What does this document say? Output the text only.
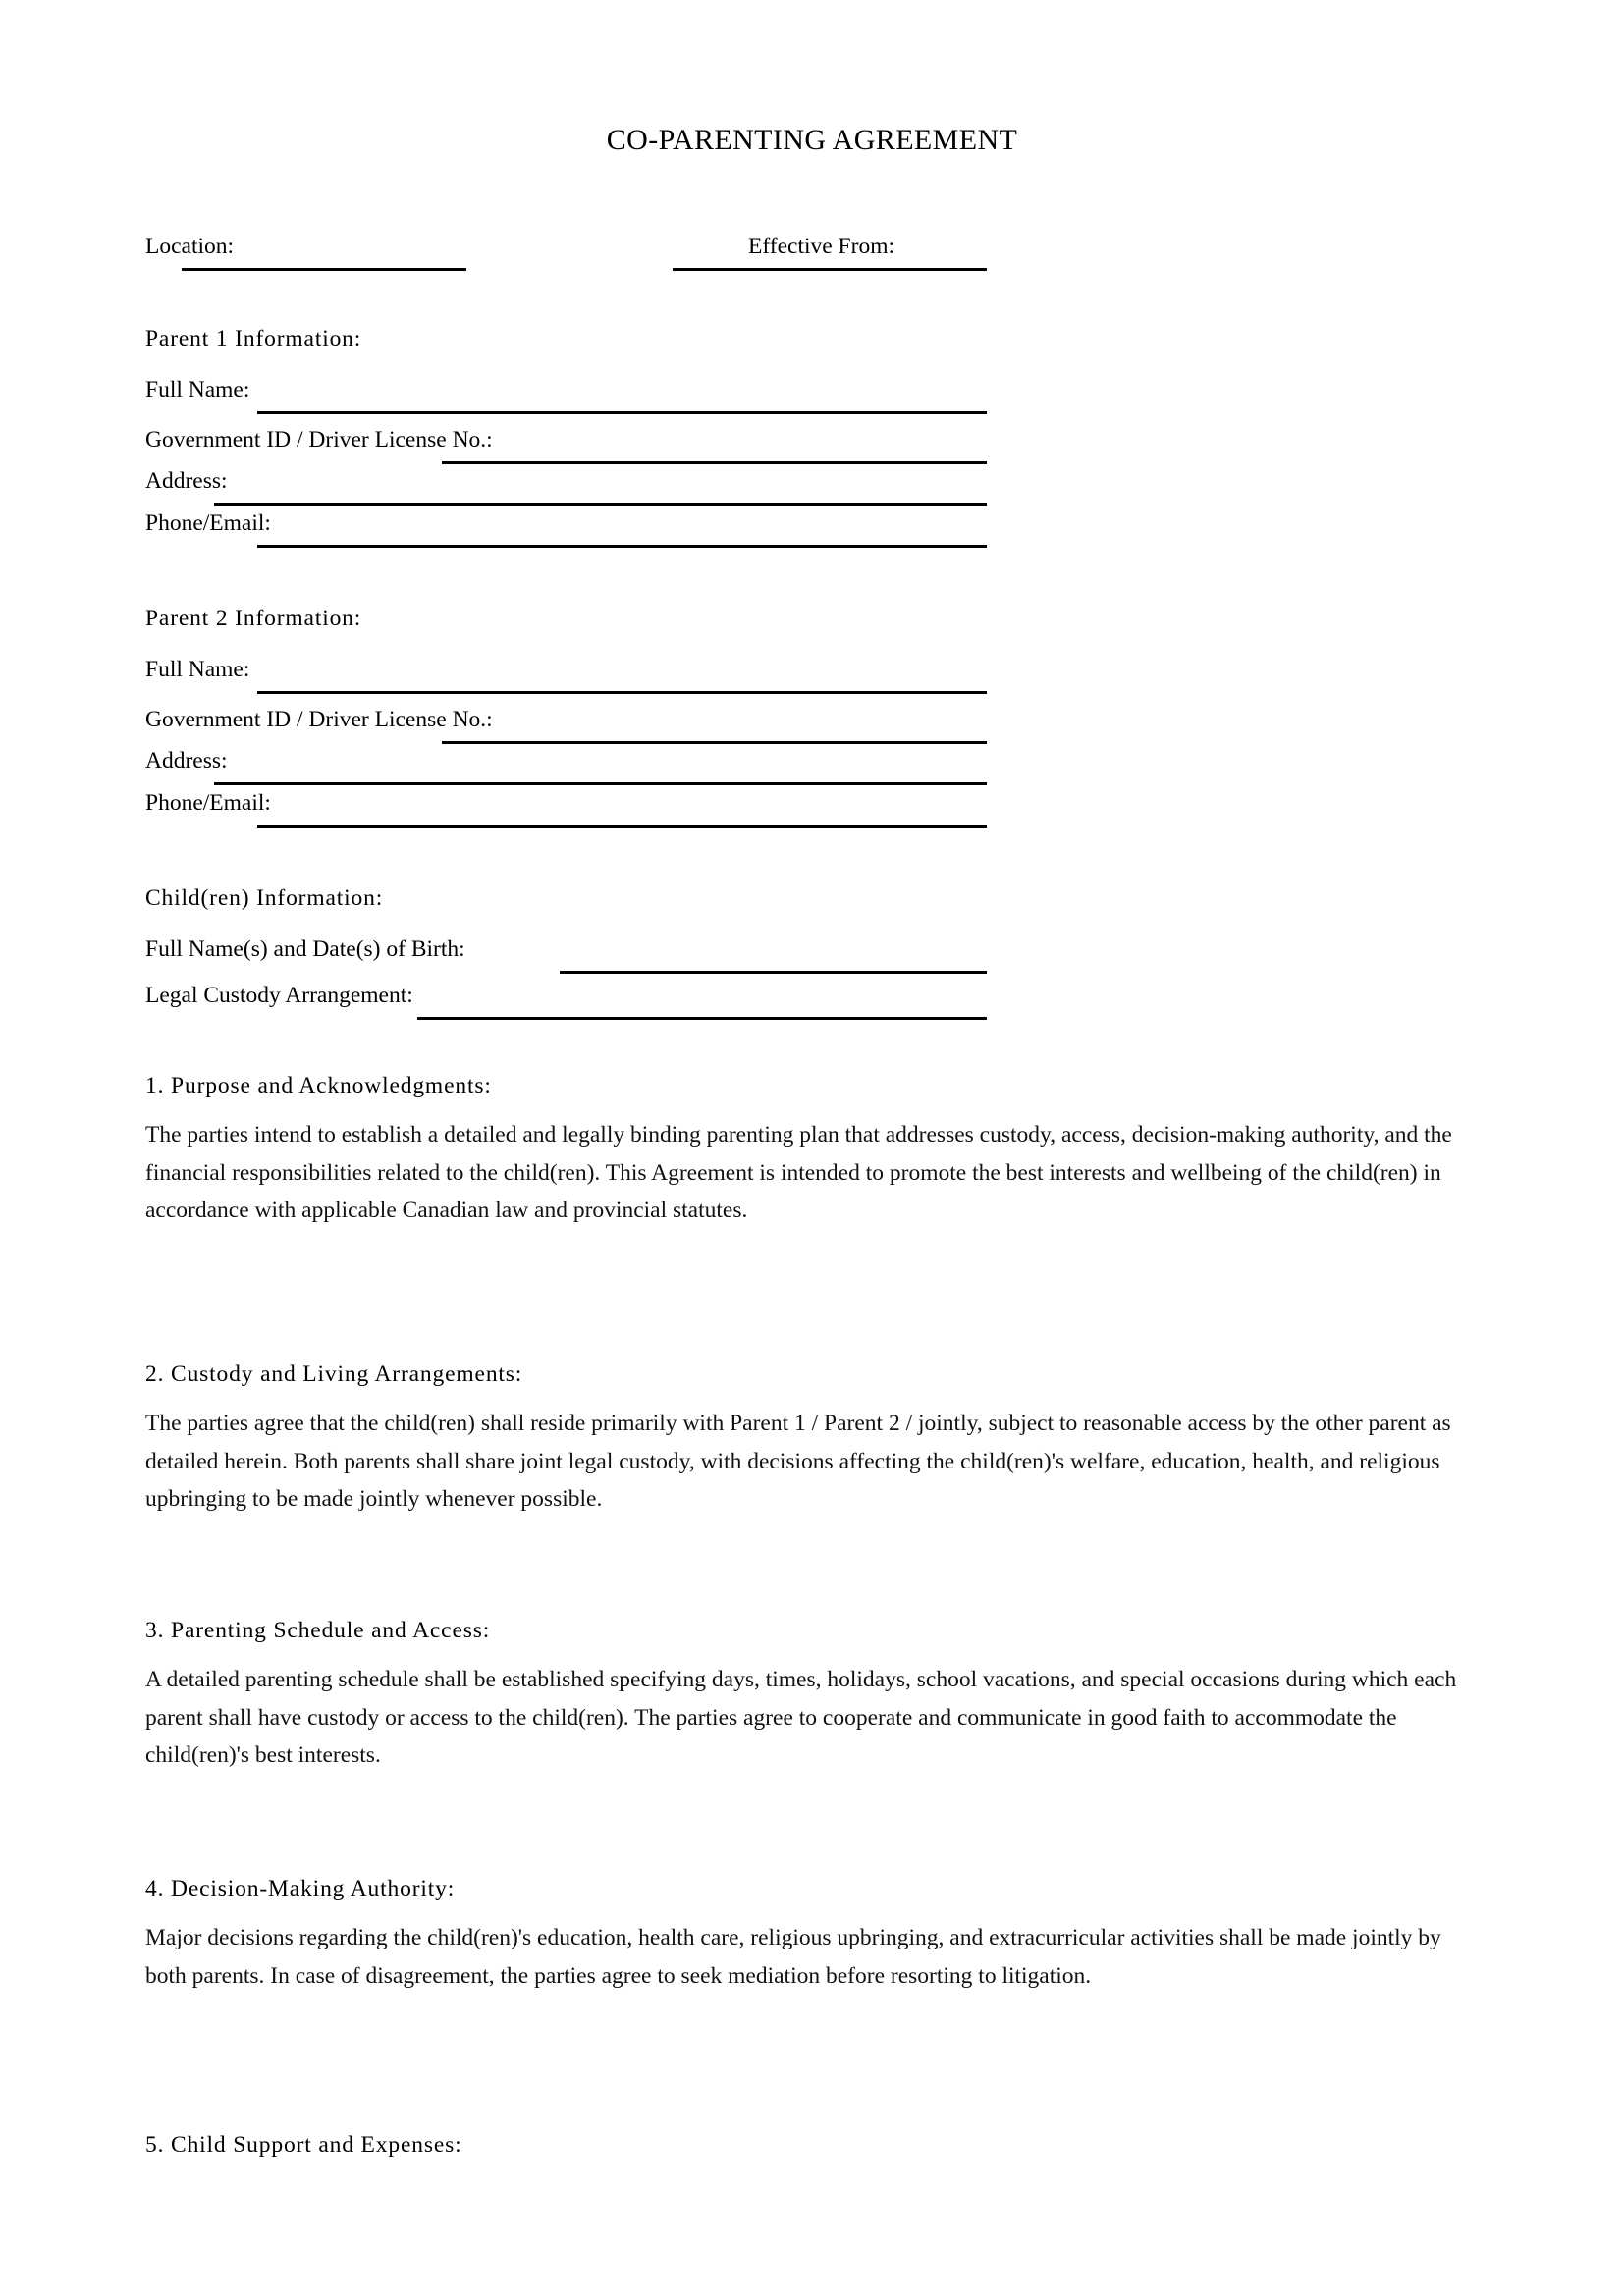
CO-PARENTING AGREEMENT
Location:	Effective From:
Parent 1 Information:
Full Name:
Government ID / Driver License No.:
Address:
Phone/Email:
Parent 2 Information:
Full Name:
Government ID / Driver License No.:
Address:
Phone/Email:
Child(ren) Information:
Full Name(s) and Date(s) of Birth:
Legal Custody Arrangement:
1. Purpose and Acknowledgments:
The parties intend to establish a detailed and legally binding parenting plan that addresses custody, access, decision-making authority, and the financial responsibilities related to the child(ren). This Agreement is intended to promote the best interests and wellbeing of the child(ren) in accordance with applicable Canadian law and provincial statutes.
2. Custody and Living Arrangements:
The parties agree that the child(ren) shall reside primarily with Parent 1 / Parent 2 / jointly, subject to reasonable access by the other parent as detailed herein. Both parents shall share joint legal custody, with decisions affecting the child(ren)'s welfare, education, health, and religious upbringing to be made jointly whenever possible.
3. Parenting Schedule and Access:
A detailed parenting schedule shall be established specifying days, times, holidays, school vacations, and special occasions during which each parent shall have custody or access to the child(ren). The parties agree to cooperate and communicate in good faith to accommodate the child(ren)'s best interests.
4. Decision-Making Authority:
Major decisions regarding the child(ren)'s education, health care, religious upbringing, and extracurricular activities shall be made jointly by both parents. In case of disagreement, the parties agree to seek mediation before resorting to litigation.
5. Child Support and Expenses:
